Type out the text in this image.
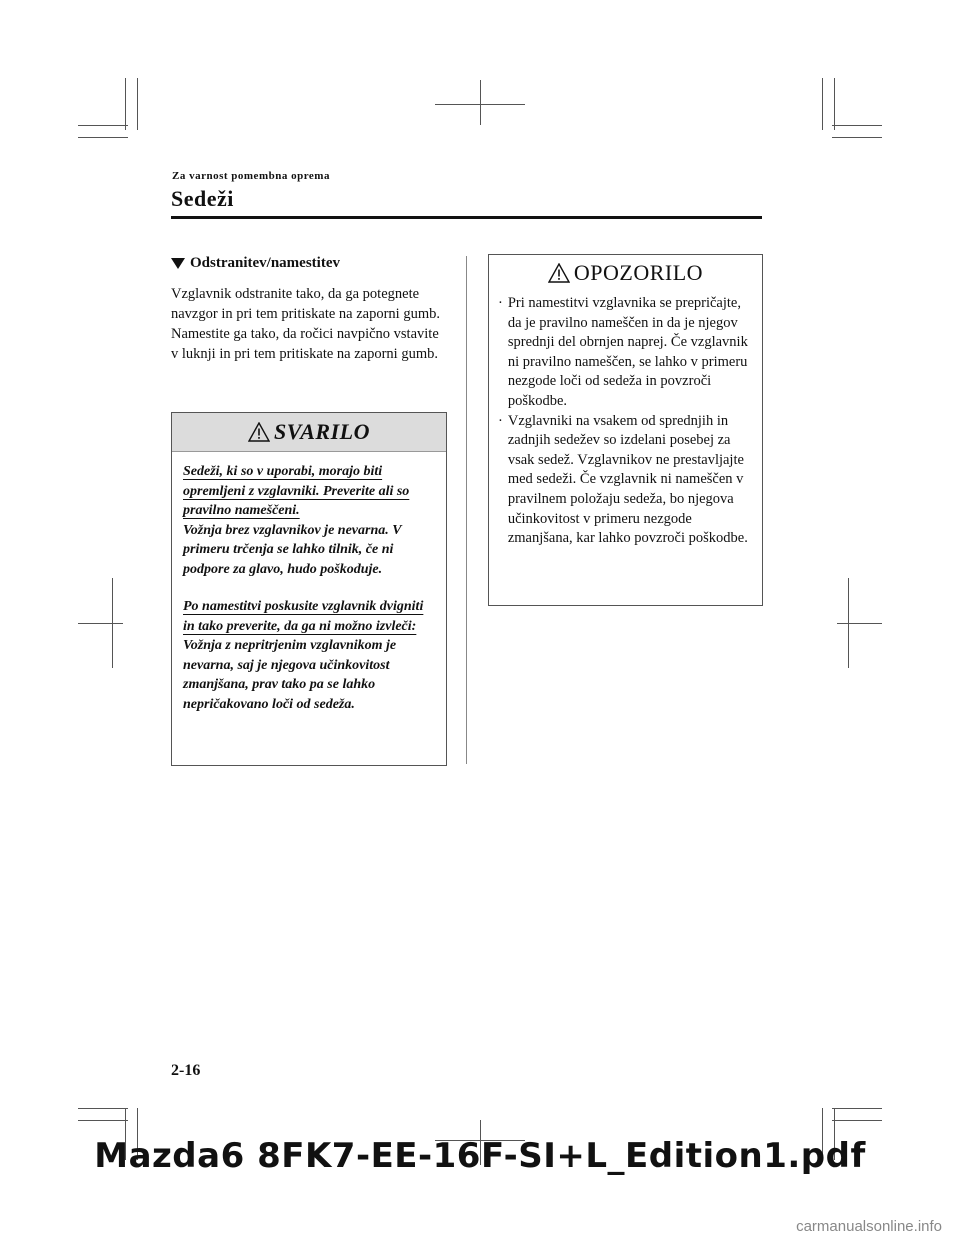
Za varnost pomembna oprema
Sedeži
Odstranitev/namestitev

Vzglavnik odstranite tako, da ga potegnete navzgor in pri tem pritiskate na zaporni gumb.

Namestite ga tako, da ročici navpično vstavite v luknji in pri tem pritiskate na zaporni gumb.

SVARILO

Sedeži, ki so v uporabi, morajo biti opremljeni z vzglavniki. Preverite ali so pravilno nameščeni.

Vožnja brez vzglavnikov je nevarna. V primeru trčenja se lahko tilnik, če ni podpore za glavo, hudo poškoduje.

Po namestitvi poskusite vzglavnik dvigniti in tako preverite, da ga ni možno izvleči:

Vožnja z nepritrjenim vzglavnikom je nevarna, saj je njegova učinkovitost zmanjšana, prav tako pa se lahko nepričakovano loči od sedeža.

OPOZORILO
· Pri namestitvi vzglavnika se prepričajte, da je pravilno nameščen in da je njegov sprednji del obrnjen naprej. Če vzglavnik ni pravilno nameščen, se lahko v primeru nezgode loči od sedeža in povzroči poškodbe.
· Vzglavniki na vsakem od sprednjih in zadnjih sedežev so izdelani posebej za vsak sedež. Vzglavnikov ne prestavljajte med sedeži. Če vzglavnik ni nameščen v pravilnem položaju sedeža, bo njegova učinkovitost v primeru nezgode zmanjšana, kar lahko povzroči poškodbe.
2-16
Mazda6 8FK7-EE-16F-SI+L_Edition1.pdf
carmanualsonline.info
